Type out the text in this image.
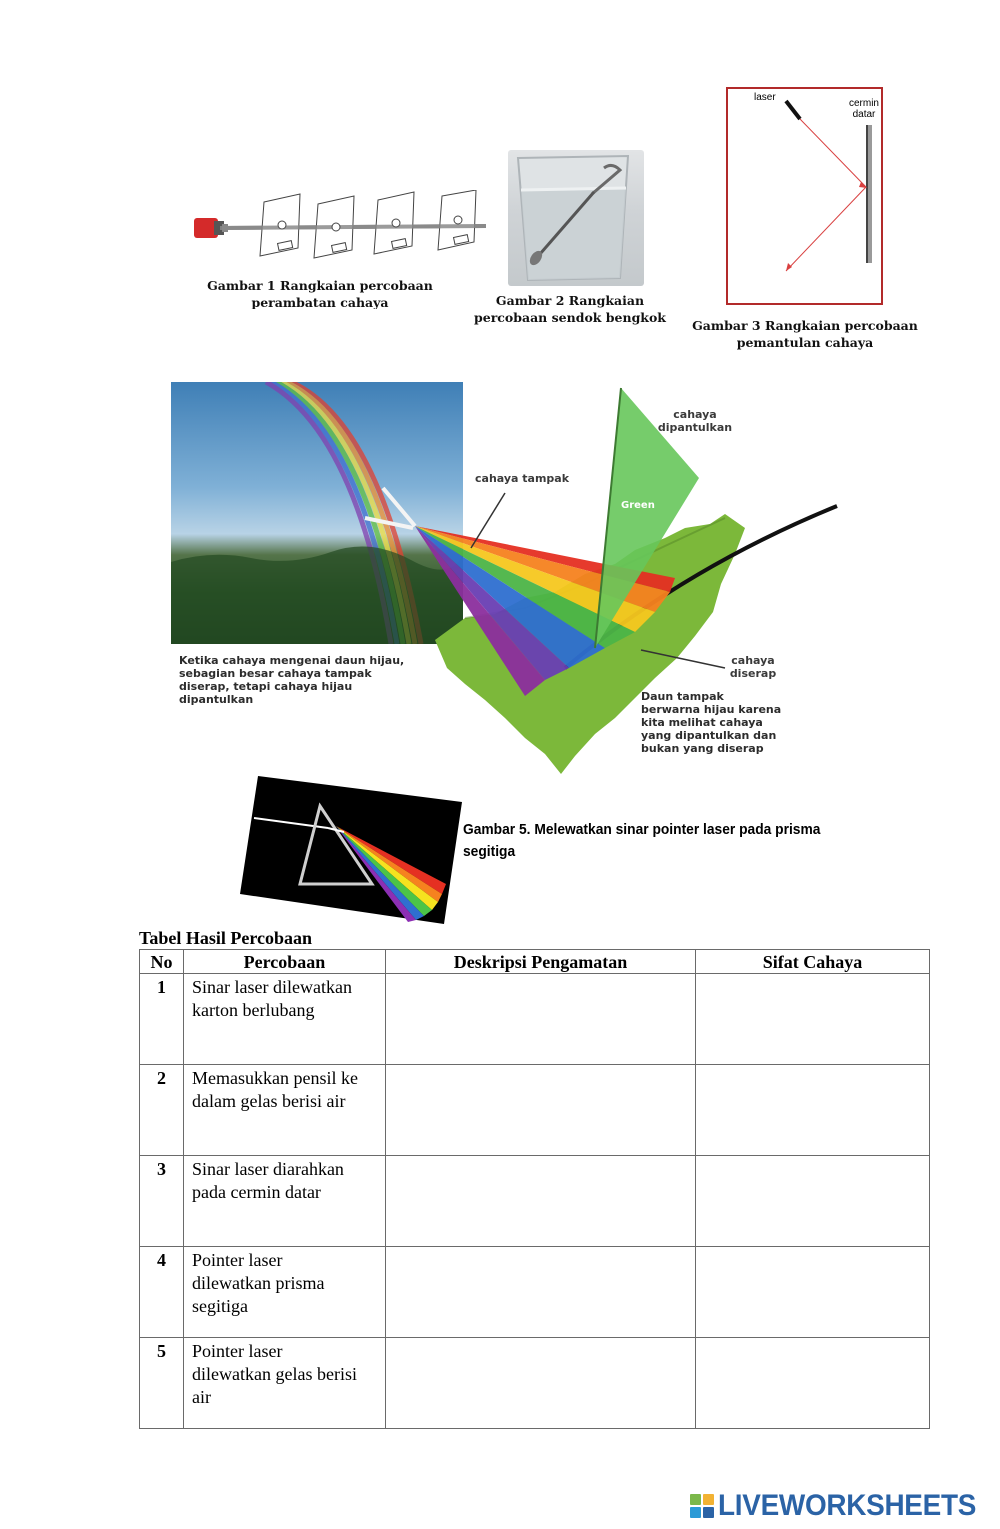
Gambar 1 Rangkaian percobaan
perambatan cahaya	Gambar 2 Rangkaian
percobaan sendok bengkok
laser
cermin
datar
Gambar 3 Rangkaian percobaan
pemantulan cahaya
cahaya tampak
cahaya
dipantulkan
Green
cahaya
diserap
Ketika cahaya mengenai daun hijau,
sebagian besar cahaya tampak
diserap, tetapi cahaya hijau
dipantulkan	Daun tampak
berwarna hijau karena
kita melihat cahaya
yang dipantulkan dan
bukan yang diserap
Gambar 5. Melewatkan sinar pointer laser pada prisma
segitiga
Tabel Hasil Percobaan
No	Percobaan	Deskripsi Pengamatan	Sifat Cahaya
1	Sinar laser dilewatkan
karton berlubang		

2	Memasukkan pensil ke
dalam gelas berisi air		

3	Sinar laser diarahkan
pada cermin datar		

4	Pointer laser
dilewatkan prisma
segitiga		

5	Pointer laser
dilewatkan gelas berisi
air		

LIVEWORKSHEETS
